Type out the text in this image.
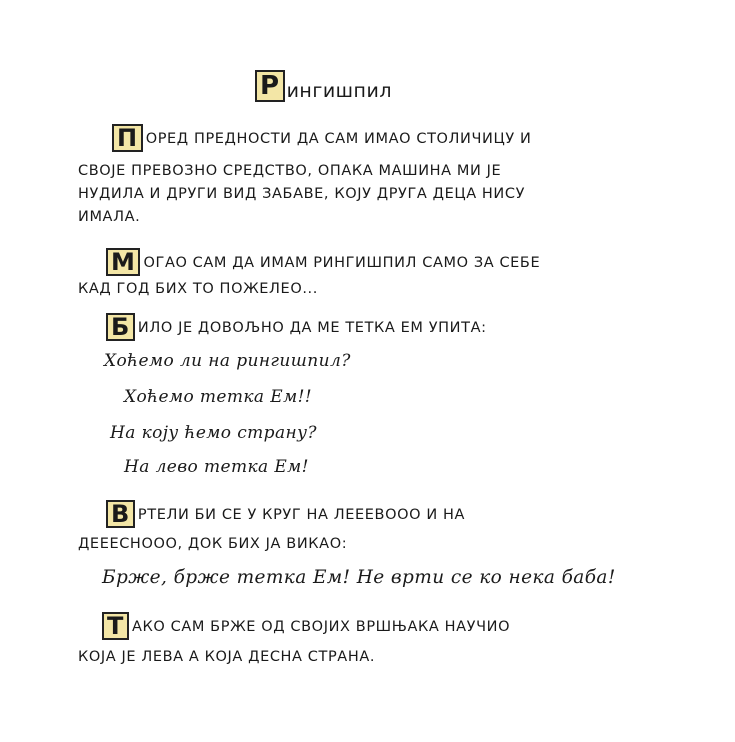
Р ингишпил
П ОРЕД ПРЕДНОСТИ ДА САМ ИМАО СТОЛИЧИЦУ И
СВОЈЕ ПРЕВОЗНО СРЕДСТВО, ОПАКА МАШИНА МИ ЈЕ
НУДИЛА И ДРУГИ ВИД ЗАБАВЕ, КОЈУ ДРУГА ДЕЦА НИСУ
ИМАЛА.
М ОГАО САМ ДА ИМАМ РИНГИШПИЛ САМО ЗА СЕБЕ
КАД ГОД БИХ ТО ПОЖЕЛЕО...
Б ИЛО ЈЕ ДОВОЉНО ДА МЕ ТЕТКА ЕМ УПИТА:
Хоћемо ли на рингишпил?
Хоћемо тетка Ем!!
На коју ћемо страну?
На лево тетка Ем!
В РТЕЛИ БИ СЕ У КРУГ НА ЛЕЕЕВООО И НА
ДЕЕЕСНООО, ДОК БИХ ЈА ВИКАО:
Брже, брже тетка Ем! Не врти се ко нека баба!
Т АКО САМ БРЖЕ ОД СВОЈИХ ВРШЊАКА НАУЧИО
КОЈА ЈЕ ЛЕВА А КОЈА ДЕСНА СТРАНА.
